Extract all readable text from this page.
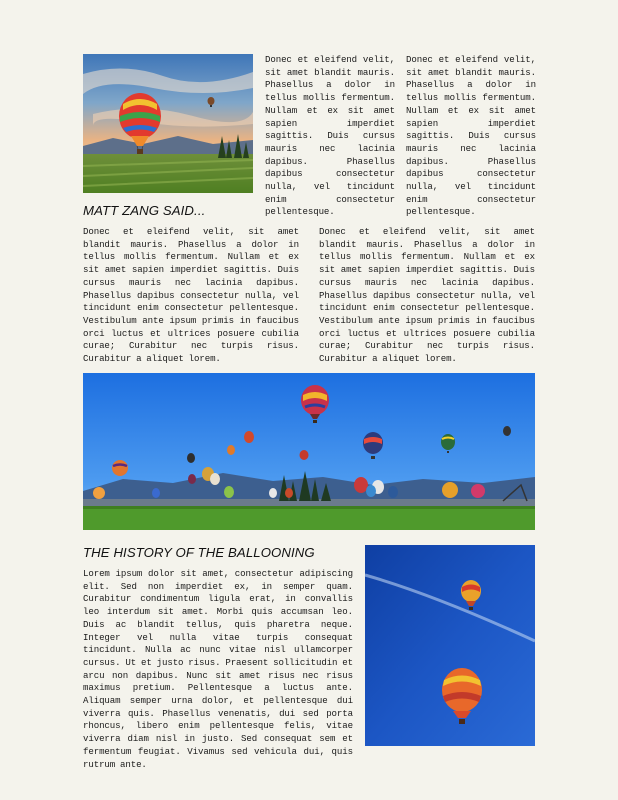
Donec et eleifend velit, sit amet blandit mauris. Phasellus a dolor in tellus mollis fermentum. Nullam et ex sit amet sapien imperdiet sagittis. Duis cursus mauris nec lacinia dapibus. Phasellus dapibus consectetur nulla, vel tincidunt enim consectetur pellentesque.
Donec et eleifend velit, sit amet blandit mauris. Phasellus a dolor in tellus mollis fermentum. Nullam et ex sit amet sapien imperdiet sagittis. Duis cursus mauris nec lacinia dapibus. Phasellus dapibus consectetur nulla, vel tincidunt enim consectetur pellentesque.
MATT ZANG SAID...
Donec et eleifend velit, sit amet blandit mauris. Phasellus a dolor in tellus mollis fermentum. Nullam et ex sit amet sapien imperdiet sagittis. Duis cursus mauris nec lacinia dapibus. Phasellus dapibus consectetur nulla, vel tincidunt enim consectetur pellentesque. Vestibulum ante ipsum primis in faucibus orci luctus et ultrices posuere cubilia curae; Curabitur nec turpis risus. Curabitur a aliquet lorem.
Donec et eleifend velit, sit amet blandit mauris. Phasellus a dolor in tellus mollis fermentum. Nullam et ex sit amet sapien imperdiet sagittis. Duis cursus mauris nec lacinia dapibus. Phasellus dapibus consectetur nulla, vel tincidunt enim consectetur pellentesque. Vestibulum ante ipsum primis in faucibus orci luctus et ultrices posuere cubilia curae; Curabitur nec turpis risus. Curabitur a aliquet lorem.
THE HISTORY OF THE BALLOONING
Lorem ipsum dolor sit amet, consectetur adipiscing elit. Sed non imperdiet ex, in semper quam. Curabitur condimentum ligula erat, in convallis leo interdum sit amet. Morbi quis accumsan leo. Duis ac blandit tellus, quis pharetra neque. Integer vel nulla vitae turpis consequat tincidunt. Nulla ac nunc vitae nisl ullamcorper cursus. Ut et justo risus. Praesent sollicitudin et arcu non dapibus. Nunc sit amet risus nec risus maximus pretium. Pellentesque a luctus ante. Aliquam semper urna dolor, et pellentesque dui viverra quis. Phasellus venenatis, dui sed porta rhoncus, libero enim pellentesque felis, vitae viverra diam nisl in justo. Sed consequat sem et fermentum feugiat. Vivamus sed vehicula dui, quis rutrum ante.
